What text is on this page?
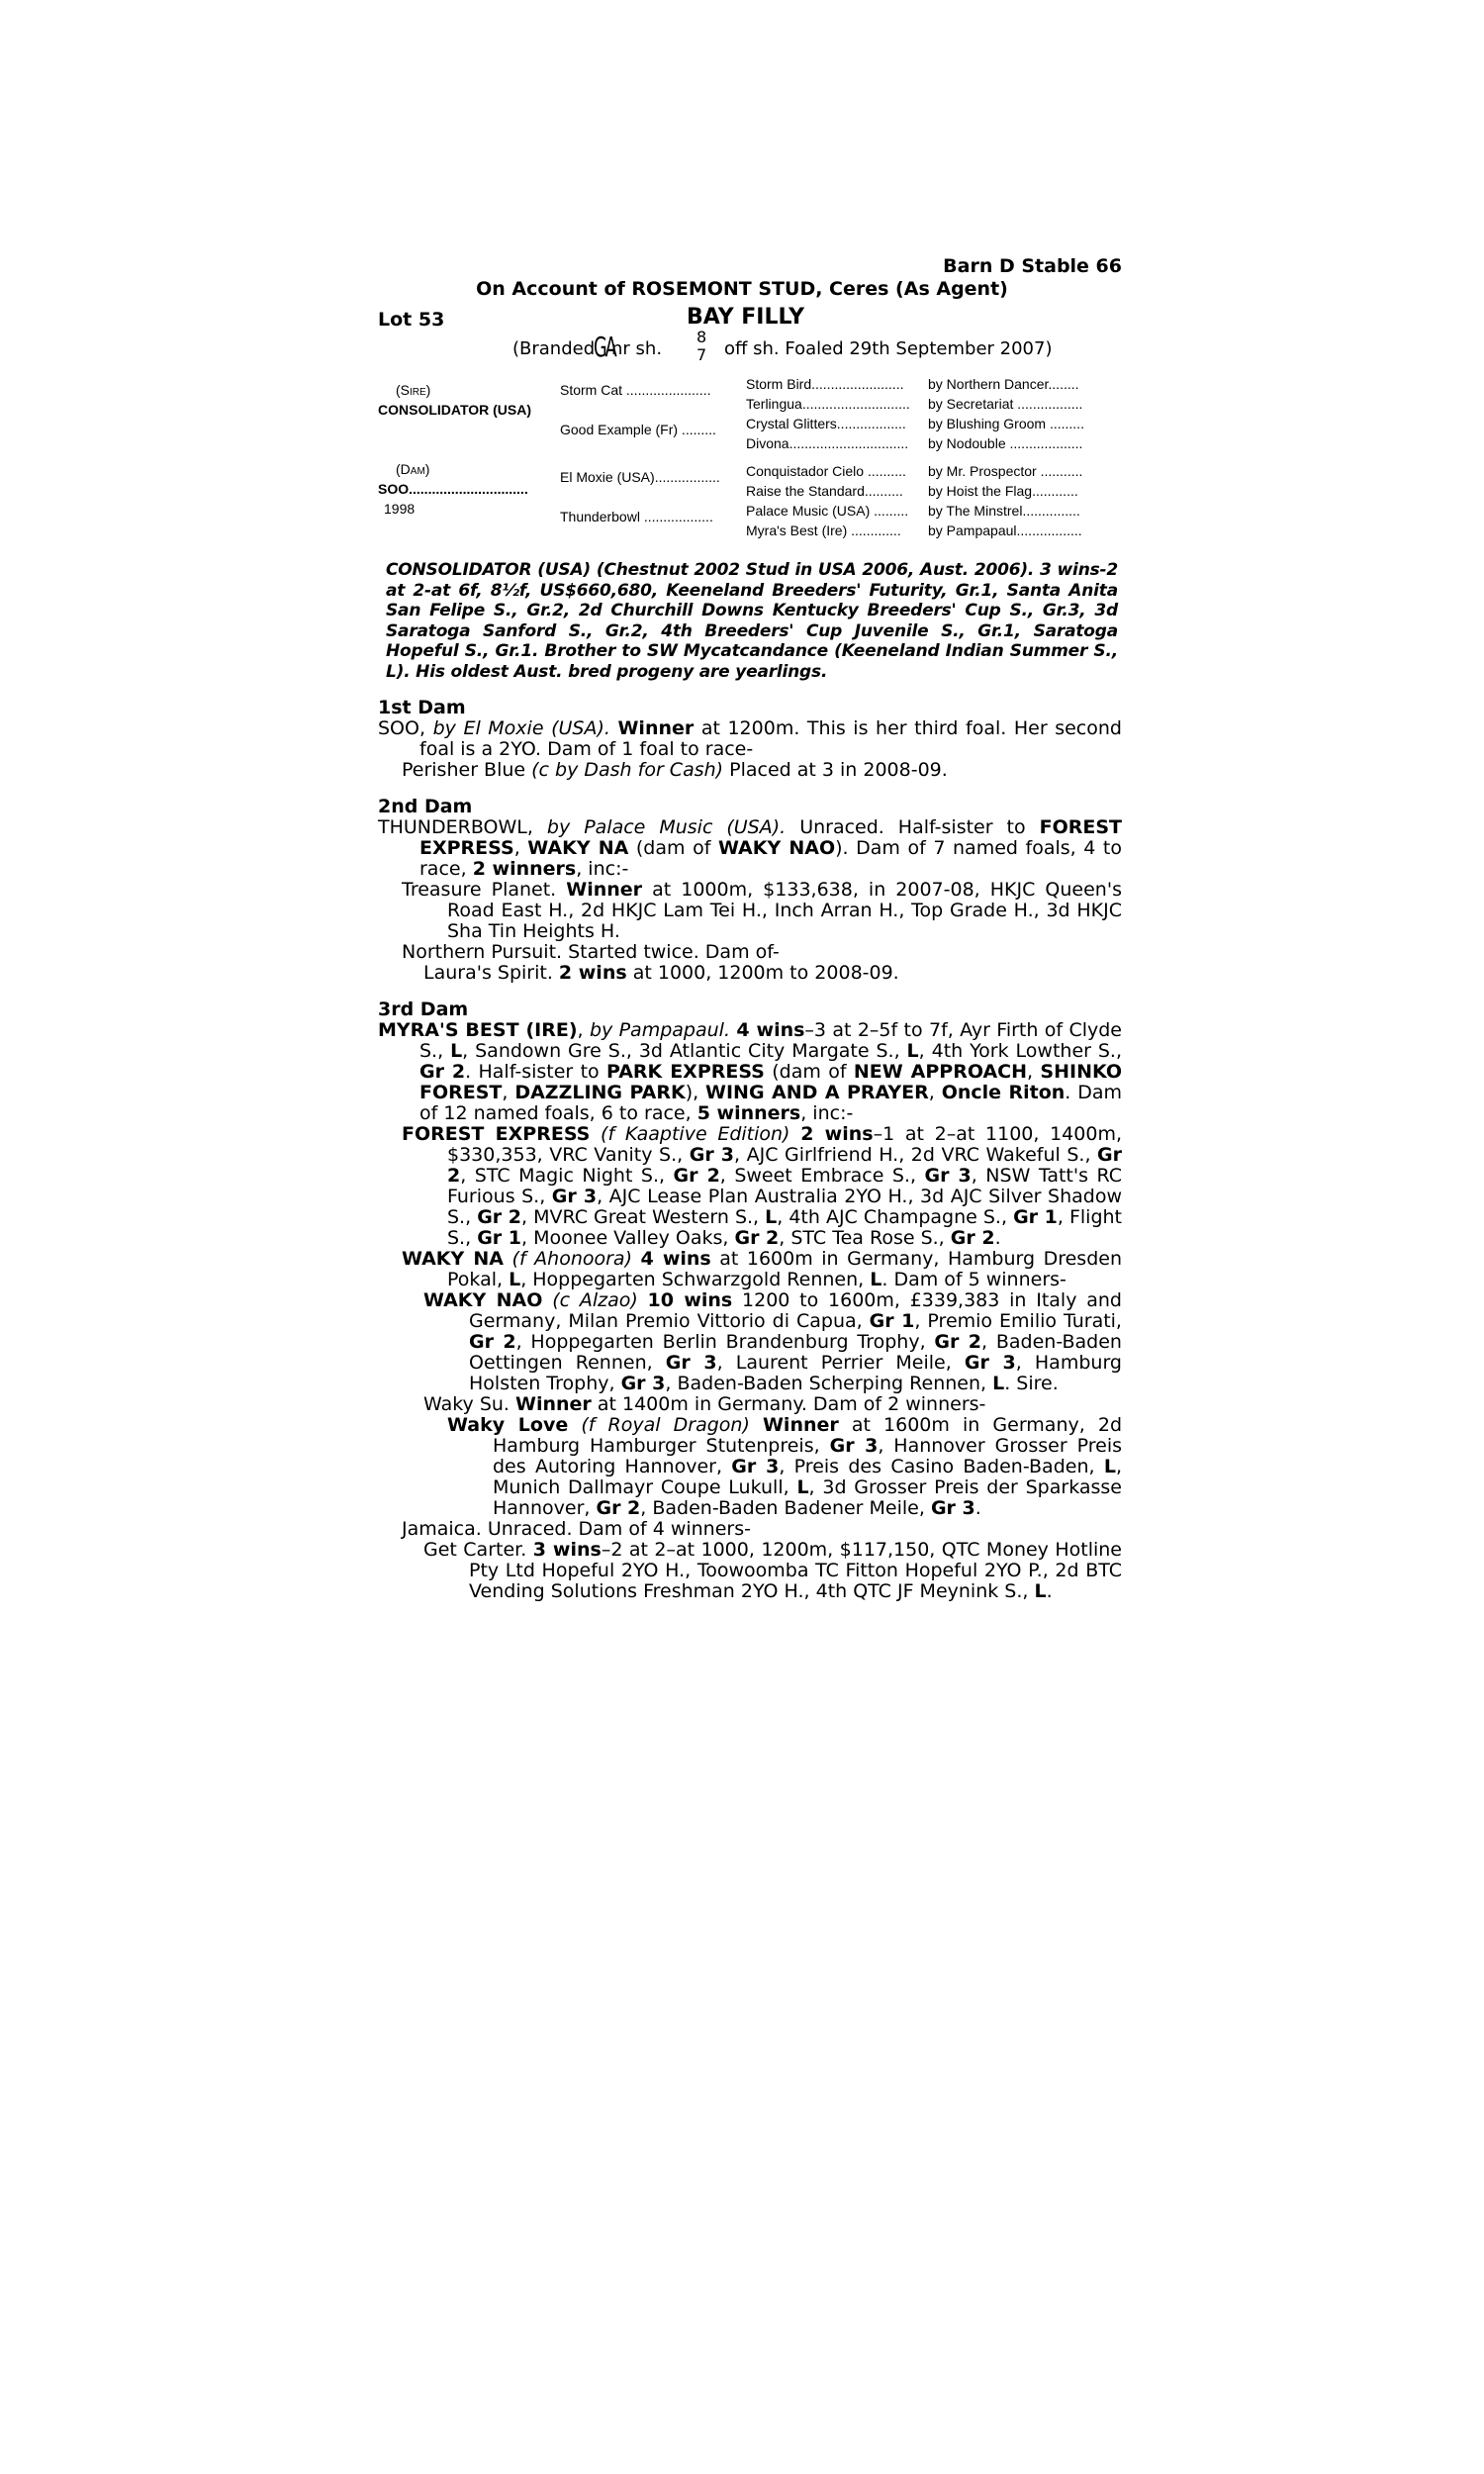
Barn D Stable 66
On Account of ROSEMONT STUD, Ceres (As Agent)
Lot 53	BAY FILLY
(Branded
GA
nr sh.
8
7 off sh. Foaled 29th September 2007)
(Sire)
CONSOLIDATOR (USA)
(Dam)
SOO...............................
1998
Storm Cat ......................
Good Example (Fr) .........
El Moxie (USA).................
Thunderbowl ..................
Storm Bird........................
Terlingua............................
Crystal Glitters..................
Divona...............................
Conquistador Cielo ..........
Raise the Standard..........
Palace Music (USA) .........
Myra's Best (Ire) .............
by Northern Dancer........
by Secretariat .................
by Blushing Groom .........
by Nodouble ...................
by Mr. Prospector ...........
by Hoist the Flag............
by The Minstrel...............
by Pampapaul.................
CONSOLIDATOR (USA) (Chestnut 2002 Stud in USA 2006, Aust. 2006). 3 wins-2 at 2-at 6f, 8½f, US$660,680, Keeneland Breeders' Futurity, Gr.1, Santa Anita San Felipe S., Gr.2, 2d Churchill Downs Kentucky Breeders' Cup S., Gr.3, 3d Saratoga Sanford S., Gr.2, 4th Breeders' Cup Juvenile S., Gr.1, Saratoga Hopeful S., Gr.1. Brother to SW Mycatcandance (Keeneland Indian Summer S., L). His oldest Aust. bred progeny are yearlings.
1st Dam
SOO, by El Moxie (USA). Winner at 1200m. This is her third foal. Her second foal is a 2YO. Dam of 1 foal to race-
Perisher Blue (c by Dash for Cash) Placed at 3 in 2008-09.
2nd Dam
THUNDERBOWL, by Palace Music (USA). Unraced. Half-sister to FOREST EXPRESS, WAKY NA (dam of WAKY NAO). Dam of 7 named foals, 4 to race, 2 winners, inc:-
Treasure Planet. Winner at 1000m, $133,638, in 2007-08, HKJC Queen's Road East H., 2d HKJC Lam Tei H., Inch Arran H., Top Grade H., 3d HKJC Sha Tin Heights H.
Northern Pursuit. Started twice. Dam of-
Laura's Spirit. 2 wins at 1000, 1200m to 2008-09.
3rd Dam
MYRA'S BEST (IRE), by Pampapaul. 4 wins–3 at 2–5f to 7f, Ayr Firth of Clyde S., L, Sandown Gre S., 3d Atlantic City Margate S., L, 4th York Lowther S., Gr 2. Half-sister to PARK EXPRESS (dam of NEW APPROACH, SHINKO FOREST, DAZZLING PARK), WING AND A PRAYER, Oncle Riton. Dam of 12 named foals, 6 to race, 5 winners, inc:-
FOREST EXPRESS (f Kaaptive Edition) 2 wins–1 at 2–at 1100, 1400m, $330,353, VRC Vanity S., Gr 3, AJC Girlfriend H., 2d VRC Wakeful S., Gr 2, STC Magic Night S., Gr 2, Sweet Embrace S., Gr 3, NSW Tatt's RC Furious S., Gr 3, AJC Lease Plan Australia 2YO H., 3d AJC Silver Shadow S., Gr 2, MVRC Great Western S., L, 4th AJC Champagne S., Gr 1, Flight S., Gr 1, Moonee Valley Oaks, Gr 2, STC Tea Rose S., Gr 2.
WAKY NA (f Ahonoora) 4 wins at 1600m in Germany, Hamburg Dresden Pokal, L, Hoppegarten Schwarzgold Rennen, L. Dam of 5 winners-
WAKY NAO (c Alzao) 10 wins 1200 to 1600m, £339,383 in Italy and Germany, Milan Premio Vittorio di Capua, Gr 1, Premio Emilio Turati, Gr 2, Hoppegarten Berlin Brandenburg Trophy, Gr 2, Baden-Baden Oettingen Rennen, Gr 3, Laurent Perrier Meile, Gr 3, Hamburg Holsten Trophy, Gr 3, Baden-Baden Scherping Rennen, L. Sire.
Waky Su. Winner at 1400m in Germany. Dam of 2 winners-
Waky Love (f Royal Dragon) Winner at 1600m in Germany, 2d Hamburg Hamburger Stutenpreis, Gr 3, Hannover Grosser Preis des Autoring Hannover, Gr 3, Preis des Casino Baden-Baden, L, Munich Dallmayr Coupe Lukull, L, 3d Grosser Preis der Sparkasse Hannover, Gr 2, Baden-Baden Badener Meile, Gr 3.
Jamaica. Unraced. Dam of 4 winners-
Get Carter. 3 wins–2 at 2–at 1000, 1200m, $117,150, QTC Money Hotline Pty Ltd Hopeful 2YO H., Toowoomba TC Fitton Hopeful 2YO P., 2d BTC Vending Solutions Freshman 2YO H., 4th QTC JF Meynink S., L.
